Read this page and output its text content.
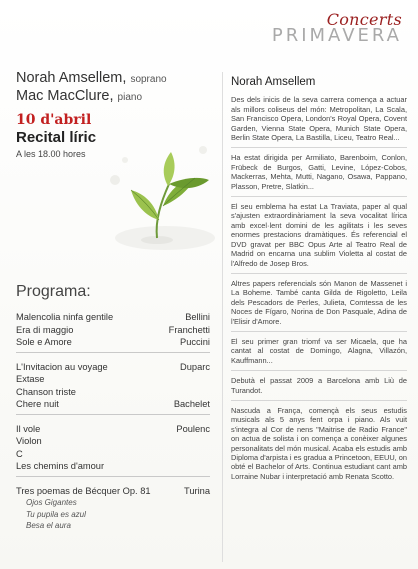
Concerts
PRIMAVERA
Norah Amsellem, soprano
Mac MacClure, piano
10 d'abril
Recital líric
A les 18.00 hores
Programa:
Malencolia ninfa gentile	Bellini
Era di maggio	Franchetti
Sole e Amore	Puccini
L'Invitacion au voyage	Duparc
Extase
Chanson triste
Chere nuit	Bachelet
Il vole	Poulenc
Violon
C
Les chemins d'amour
Tres poemas de Bécquer Op. 81	Turina
Ojos Gigantes
Tu pupila es azul
Besa el aura
Norah Amsellem
Des dels inicis de la seva carrera comença a actuar als millors coliseus del món: Metropolitan, La Scala, San Francisco Opera, London's Royal Opera, Covent Garden, Vienna State Opera, Munich State Opera, Berlin State Opera, La Bastilla, Liceu, Teatro Real...
Ha estat dirigida per Armiliato, Barenboim, Conlon, Frübeck de Burgos, Gatti, Levine, López-Cobos, Mackerras, Mehta, Mutti, Nagano, Osawa, Pappano, Plasson, Pretre, Slatkin...
El seu emblema ha estat La Traviata, paper al qual s'ajusten extraordinàriament la seva vocalitat lírica amb excel·lent domini de les agilitats i les seves enormes prestacions dramàtiques. És referencial el DVD gravat per BBC Opus Arte al Teatro Real de Madrid on encarna una sublim Violetta al costat de l'Alfredo de Josep Bros.
Altres papers referencials són Manon de Massenet i La Boheme. També canta Gilda de Rigoletto, Leila dels Pescadors de Perles, Julieta, Comtessa de les Noces de Fígaro, Norina de Don Pasquale, Adina de l'Elisir d'Amore.
El seu primer gran triomf va ser Micaela, que ha cantat al costat de Domingo, Alagna, Villazón, Kauffmann...
Debutà el passat 2009 a Barcelona amb Liù de Turandot.
Nascuda a França, començà els seus estudis musicals als 5 anys fent orpa i piano. Als vuit s'integra al Cor de nens "Maitrise de Radio France" on actua de solista i on comença a conèixer algunes personalitats del món musical. Acaba els estudis amb Diploma d'arpista i es gradua a Princetoon, EEUU, on obté el Bachelor of Arts. Continua estudiant cant amb Lorraine Nubar i interpretació amb Renata Scotto.
